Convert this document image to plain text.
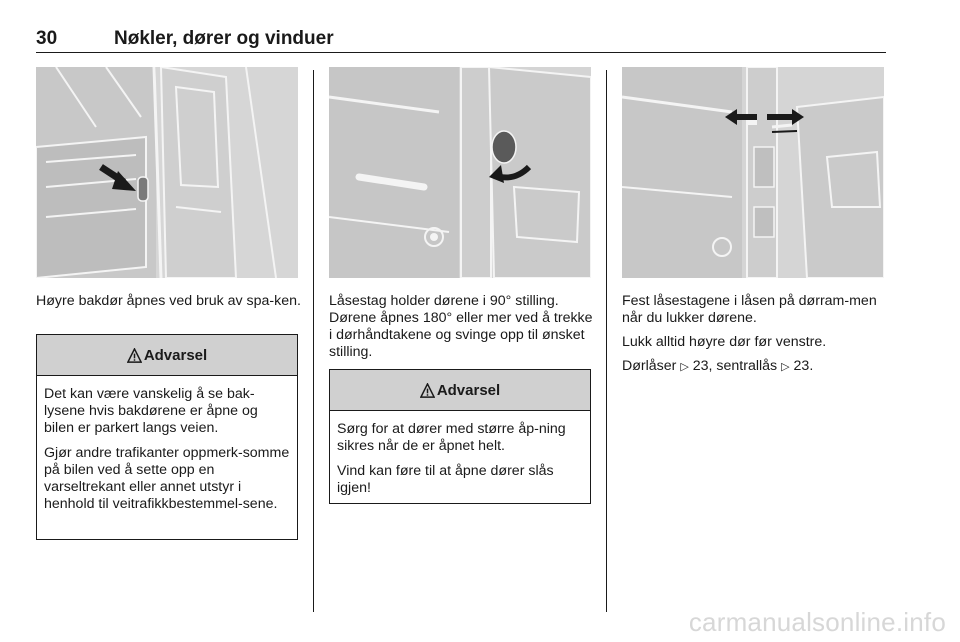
30	Nøkler, dører og vinduer

Høyre bakdør åpnes ved bruk av spa-ken.

Advarsel

Det kan være vanskelig å se bak-lysene hvis bakdørene er åpne og bilen er parkert langs veien.

Gjør andre trafikanter oppmerk-somme på bilen ved å sette opp en varseltrekant eller annet utstyr i henhold til veitrafikkbestemmel-sene.

Låsestag holder dørene i 90° stilling. Dørene åpnes 180° eller mer ved å trekke i dørhåndtakene og svinge opp til ønsket stilling.

Advarsel

Sørg for at dører med større åp-ning sikres når de er åpnet helt.

Vind kan føre til at åpne dører slås igjen!

Fest låsestagene i låsen på dørram-men når du lukker dørene.

Lukk alltid høyre dør før venstre.

Dørlåser ▷ 23, sentrallås ▷ 23.

carmanualsonline.info
